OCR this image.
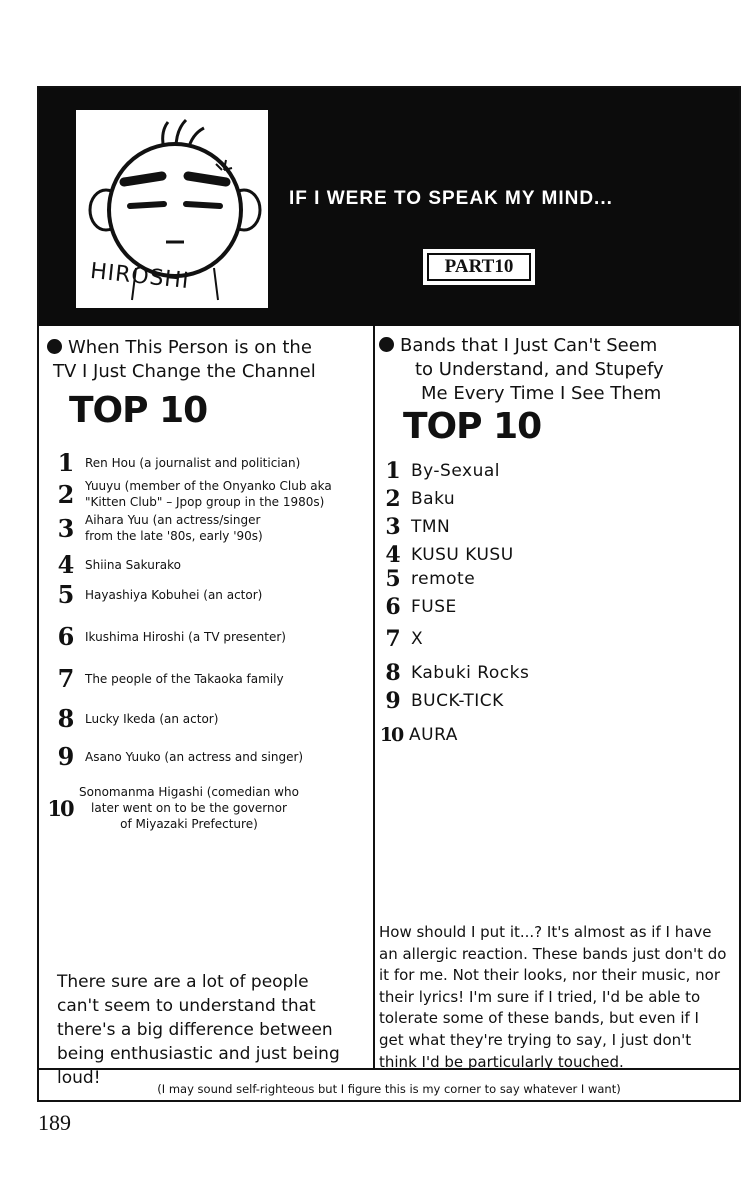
HIROSHI
IF I WERE TO SPEAK MY MIND...
PART10
When This Person is on the
TV I Just Change the Channel
TOP 10
1 Ren Hou (a journalist and politician)
2 Yuuyu (member of the Onyanko Club aka
"Kitten Club" – Jpop group in the 1980s)
3 Aihara Yuu (an actress/singer
from the late '80s, early '90s)
4 Shiina Sakurako
5 Hayashiya Kobuhei (an actor)
6 Ikushima Hiroshi (a TV presenter)
7 The people of the Takaoka family
8 Lucky Ikeda (an actor)
9 Asano Yuuko (an actress and singer)
10
Sonomanma Higashi (comedian who
later went on to be the governor
of Miyazaki Prefecture)
There sure are a lot of people can't seem to understand that there's a big difference between being enthusiastic and just being loud!
Bands that I Just Can't Seem
to Understand, and Stupefy
Me Every Time I See Them
TOP 10
1 By-Sexual
2 Baku
3 TMN
4 KUSU KUSU
5 remote
6 FUSE
7 X
8 Kabuki Rocks
9 BUCK-TICK
10 AURA
How should I put it...? It's almost as if I have an allergic reaction. These bands just don't do it for me. Not their looks, nor their music, nor their lyrics! I'm sure if I tried, I'd be able to tolerate some of these bands, but even if I get what they're trying to say, I just don't think I'd be particularly touched.
(I may sound self-righteous but I figure this is my corner to say whatever I want)
189
